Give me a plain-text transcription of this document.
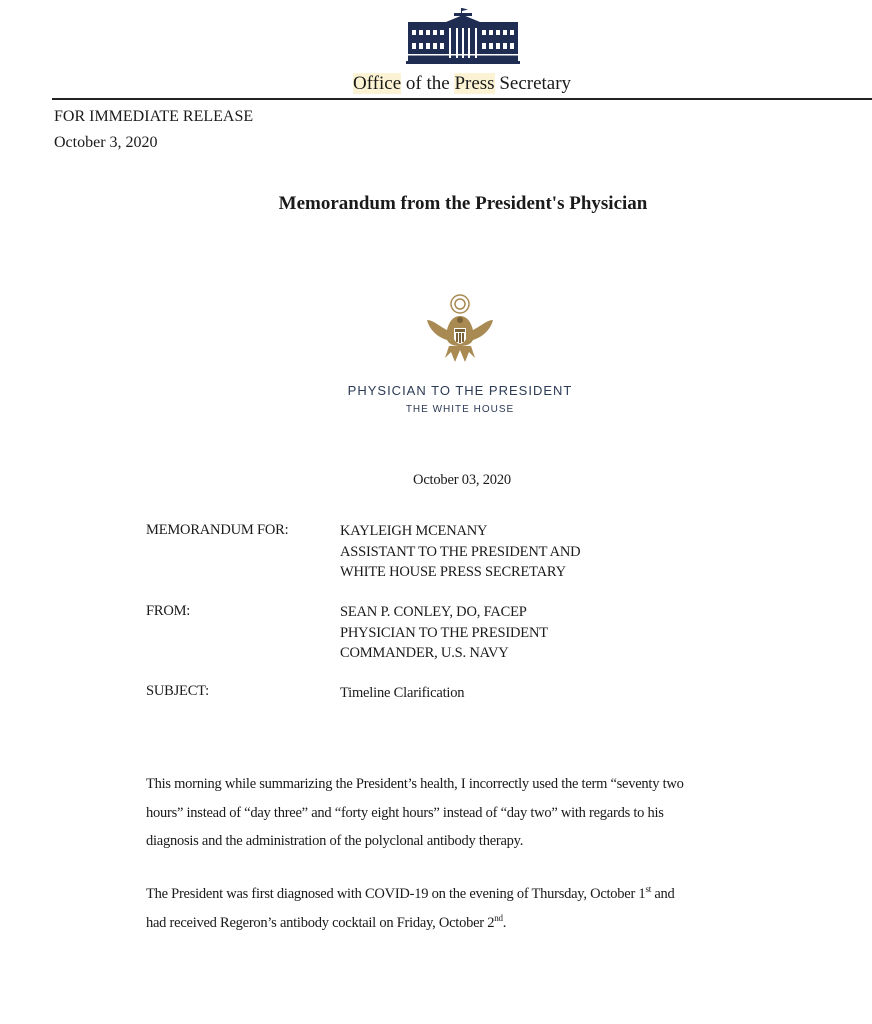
Office of the Press Secretary
FOR IMMEDIATE RELEASE
October 3, 2020
Memorandum from the President's Physician
PHYSICIAN TO THE PRESIDENT
THE WHITE HOUSE
October 03, 2020
MEMORANDUM FOR:	KAYLEIGH MCENANY
ASSISTANT TO THE PRESIDENT AND
WHITE HOUSE PRESS SECRETARY
FROM:	SEAN P. CONLEY, DO, FACEP
PHYSICIAN TO THE PRESIDENT
COMMANDER, U.S. NAVY
SUBJECT:	Timeline Clarification
This morning while summarizing the President’s health, I incorrectly used the term “seventy two
hours” instead of “day three” and “forty eight hours” instead of “day two” with regards to his
diagnosis and the administration of the polyclonal antibody therapy.
The President was first diagnosed with COVID-19 on the evening of Thursday, October 1st and
had received Regeron’s antibody cocktail on Friday, October 2nd.
